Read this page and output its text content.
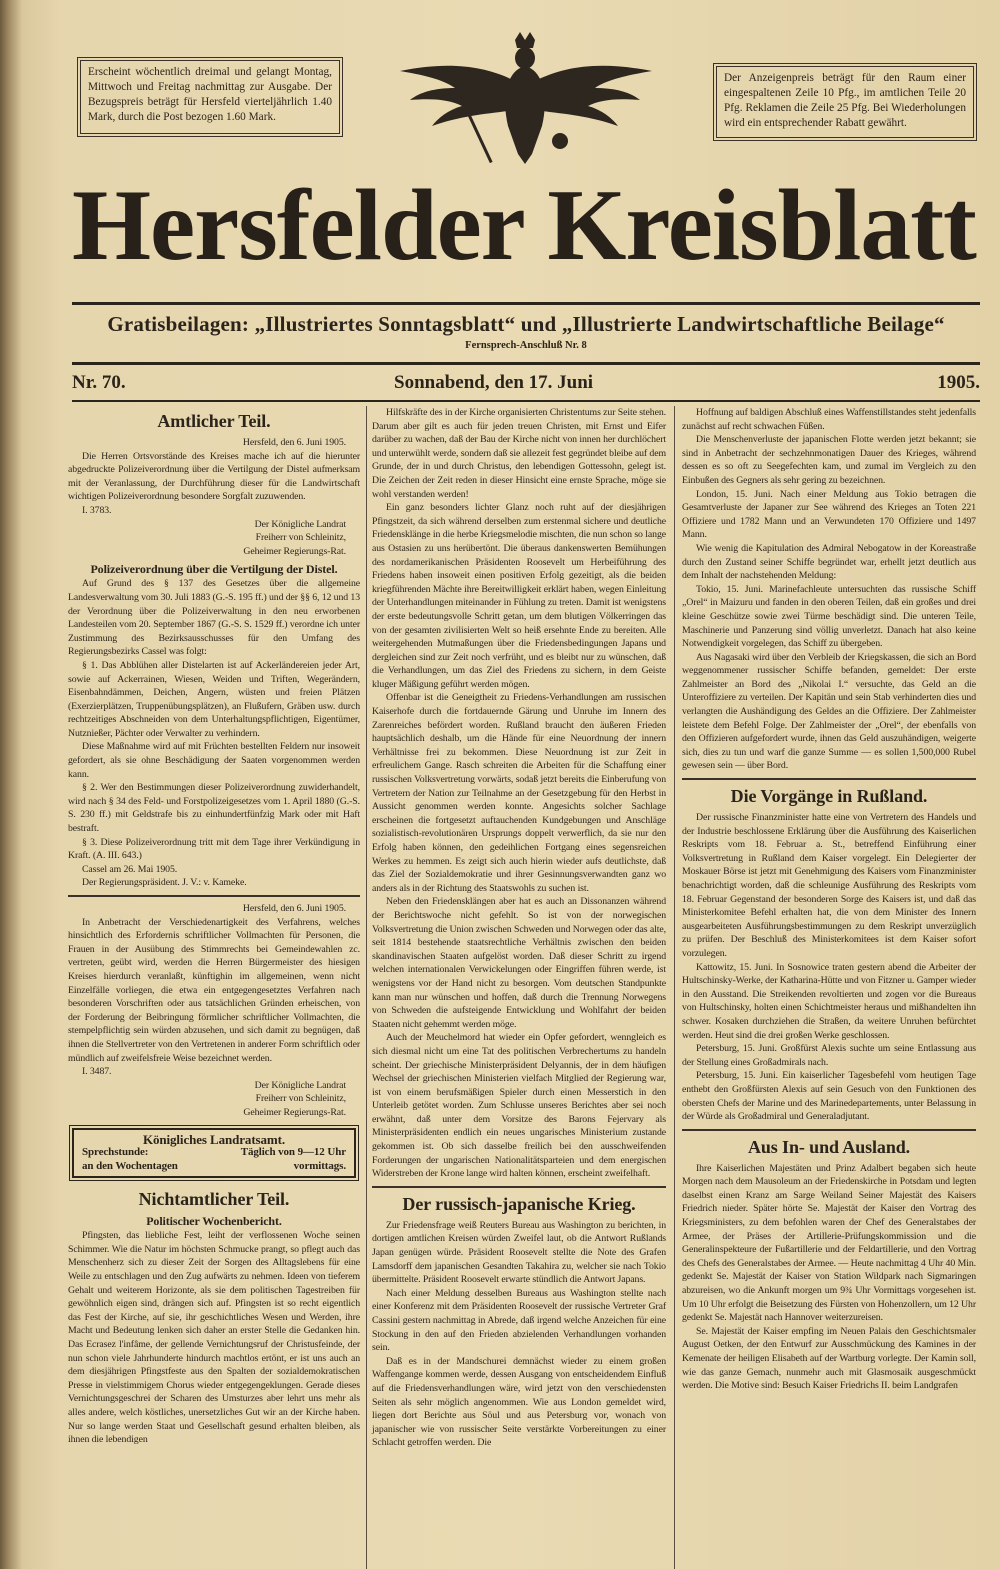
Erscheint wöchentlich dreimal und gelangt Montag, Mittwoch und Freitag nachmittag zur Ausgabe. Der Bezugspreis beträgt für Hersfeld vierteljährlich 1.40 Mark, durch die Post bezogen 1.60 Mark.
Der Anzeigenpreis beträgt für den Raum einer eingespaltenen Zeile 10 Pfg., im amtlichen Teile 20 Pfg. Reklamen die Zeile 25 Pfg. Bei Wiederholungen wird ein entsprechender Rabatt gewährt.
Hersfelder Kreisblatt
Gratisbeilagen: „Illustriertes Sonntagsblatt“ und „Illustrierte Landwirtschaftliche Beilage“
Fernsprech-Anschluß Nr. 8
Nr. 70.	Sonnabend, den 17. Juni	1905.
Amtlicher Teil.

Hersfeld, den 6. Juni 1905.

Die Herren Ortsvorstände des Kreises mache ich auf die hierunter abgedruckte Polizeiverordnung über die Vertilgung der Distel aufmerksam mit der Veranlassung, der Durchführung dieser für die Landwirtschaft wichtigen Polizeiverordnung besondere Sorgfalt zuzuwenden.

I. 3783.

Der Königliche Landrat

Freiherr von Schleinitz,

Geheimer Regierungs-Rat.

Polizeiverordnung über die Vertilgung der Distel.

Auf Grund des § 137 des Gesetzes über die allgemeine Landesverwaltung vom 30. Juli 1883 (G.-S. 195 ff.) und der §§ 6, 12 und 13 der Verordnung über die Polizeiverwaltung in den neu erworbenen Landesteilen vom 20. September 1867 (G.-S. S. 1529 ff.) verordne ich unter Zustimmung des Bezirksausschusses für den Umfang des Regierungsbezirks Cassel was folgt:

§ 1. Das Abblühen aller Distelarten ist auf Ackerländereien jeder Art, sowie auf Ackerrainen, Wiesen, Weiden und Triften, Wegerändern, Eisenbahndämmen, Deichen, Angern, wüsten und freien Plätzen (Exerzierplätzen, Truppenübungsplätzen), an Flußufern, Gräben usw. durch rechtzeitiges Abschneiden von dem Unterhaltungspflichtigen, Eigentümer, Nutznießer, Pächter oder Verwalter zu verhindern.

Diese Maßnahme wird auf mit Früchten bestellten Feldern nur insoweit gefordert, als sie ohne Beschädigung der Saaten vorgenommen werden kann.

§ 2. Wer den Bestimmungen dieser Polizeiverordnung zuwiderhandelt, wird nach § 34 des Feld- und Forstpolizeigesetzes vom 1. April 1880 (G.-S. S. 230 ff.) mit Geldstrafe bis zu einhundertfünfzig Mark oder mit Haft bestraft.

§ 3. Diese Polizeiverordnung tritt mit dem Tage ihrer Verkündigung in Kraft. (A. III. 643.)

Cassel am 26. Mai 1905.

Der Regierungspräsident. J. V.: v. Kameke.

Hersfeld, den 6. Juni 1905.

In Anbetracht der Verschiedenartigkeit des Verfahrens, welches hinsichtlich des Erfordernis schriftlicher Vollmachten für Personen, die Frauen in der Ausübung des Stimmrechts bei Gemeindewahlen zc. vertreten, geübt wird, werden die Herren Bürgermeister des hiesigen Kreises hierdurch veranlaßt, künftighin im allgemeinen, wenn nicht Einzelfälle vorliegen, die etwa ein entgegengesetztes Verfahren nach besonderen Vorschriften oder aus tatsächlichen Gründen erheischen, von der Forderung der Beibringung förmlicher schriftlicher Vollmachten, die stempelpflichtig sein würden abzusehen, und sich damit zu begnügen, daß ihnen die Stellvertreter von den Vertretenen in anderer Form schriftlich oder mündlich auf zweifelsfreie Weise bezeichnet werden.

I. 3487.

Der Königliche Landrat

Freiherr von Schleinitz,

Geheimer Regierungs-Rat.

Königliches Landratsamt.
Sprechstunde:	Täglich von 9—12 Uhr
an den Wochentagen	vormittags.
Nichtamtlicher Teil.
Politischer Wochenbericht.

Pfingsten, das liebliche Fest, leiht der verflossenen Woche seinen Schimmer. Wie die Natur im höchsten Schmucke prangt, so pflegt auch das Menschenherz sich zu dieser Zeit der Sorgen des Alltagslebens für eine Weile zu entschlagen und den Zug aufwärts zu nehmen. Ideen von tieferem Gehalt und weiterem Horizonte, als sie dem politischen Tagestreiben für gewöhnlich eigen sind, drängen sich auf. Pfingsten ist so recht eigentlich das Fest der Kirche, auf sie, ihr geschichtliches Wesen und Werden, ihre Macht und Bedeutung lenken sich daher an erster Stelle die Gedanken hin. Das Ecrasez l'infâme, der gellende Vernichtungsruf der Christusfeinde, der nun schon viele Jahrhunderte hindurch machtlos ertönt, er ist uns auch an dem diesjährigen Pfingstfeste aus den Spalten der sozialdemokratischen Presse in vielstimmigem Chorus wieder entgegengeklungen. Gerade dieses Vernichtungsgeschrei der Scharen des Umsturzes aber lehrt uns mehr als alles andere, welch köstliches, unersetzliches Gut wir an der Kirche haben. Nur so lange werden Staat und Gesellschaft gesund erhalten bleiben, als ihnen die lebendigen

Hilfskräfte des in der Kirche organisierten Christentums zur Seite stehen. Darum aber gilt es auch für jeden treuen Christen, mit Ernst und Eifer darüber zu wachen, daß der Bau der Kirche nicht von innen her durchlöchert und unterwühlt werde, sondern daß sie allezeit fest gegründet bleibe auf dem Grunde, der in und durch Christus, den lebendigen Gottessohn, gelegt ist. Die Zeichen der Zeit reden in dieser Hinsicht eine ernste Sprache, möge sie wohl verstanden werden!

Ein ganz besonders lichter Glanz noch ruht auf der diesjährigen Pfingstzeit, da sich während derselben zum erstenmal sichere und deutliche Friedensklänge in die herbe Kriegsmelodie mischten, die nun schon so lange aus Ostasien zu uns herübertönt. Die überaus dankenswerten Bemühungen des nordamerikanischen Präsidenten Roosevelt um Herbeiführung des Friedens haben insoweit einen positiven Erfolg gezeitigt, als die beiden kriegführenden Mächte ihre Bereitwilligkeit erklärt haben, wegen Einleitung der Unterhandlungen miteinander in Fühlung zu treten. Damit ist wenigstens der erste bedeutungsvolle Schritt getan, um dem blutigen Völkerringen das von der gesamten zivilisierten Welt so heiß ersehnte Ende zu bereiten. Alle weitergehenden Mutmaßungen über die Friedensbedingungen Japans und dergleichen sind zur Zeit noch verfrüht, und es bleibt nur zu wünschen, daß die Verhandlungen, um das Ziel des Friedens zu sichern, in dem Geiste kluger Mäßigung geführt werden mögen.

Offenbar ist die Geneigtheit zu Friedens-Verhandlungen am russischen Kaiserhofe durch die fortdauernde Gärung und Unruhe im Innern des Zarenreiches befördert worden. Rußland braucht den äußeren Frieden hauptsächlich deshalb, um die Hände für eine Neuordnung der innern Verhältnisse frei zu bekommen. Diese Neuordnung ist zur Zeit in erfreulichem Gange. Rasch schreiten die Arbeiten für die Schaffung einer russischen Volksvertretung vorwärts, sodaß jetzt bereits die Einberufung von Vertretern der Nation zur Teilnahme an der Gesetzgebung für den Herbst in Aussicht genommen werden konnte. Angesichts solcher Sachlage erscheinen die fortgesetzt auftauchenden Kundgebungen und Anschläge sozialistisch-revolutionären Ursprungs doppelt verwerflich, da sie nur den Erfolg haben können, den gedeihlichen Fortgang eines segensreichen Werkes zu hemmen. Es zeigt sich auch hierin wieder aufs deutlichste, daß das Ziel der Sozialdemokratie und ihrer Gesinnungsverwandten ganz wo anders als in der Richtung des Staatswohls zu suchen ist.

Neben den Friedensklängen aber hat es auch an Dissonanzen während der Berichtswoche nicht gefehlt. So ist von der norwegischen Volksvertretung die Union zwischen Schweden und Norwegen oder das alte, seit 1814 bestehende staatsrechtliche Verhältnis zwischen den beiden skandinavischen Staaten aufgelöst worden. Daß dieser Schritt zu irgend welchen internationalen Verwickelungen oder Eingriffen führen werde, ist wenigstens vor der Hand nicht zu besorgen. Vom deutschen Standpunkte kann man nur wünschen und hoffen, daß durch die Trennung Norwegens von Schweden die aufsteigende Entwicklung und Wohlfahrt der beiden Staaten nicht gehemmt werden möge.

Auch der Meuchelmord hat wieder ein Opfer gefordert, wenngleich es sich diesmal nicht um eine Tat des politischen Verbrechertums zu handeln scheint. Der griechische Ministerpräsident Delyannis, der in dem häufigen Wechsel der griechischen Ministerien vielfach Mitglied der Regierung war, ist von einem berufsmäßigen Spieler durch einen Messerstich in den Unterleib getötet worden. Zum Schlusse unseres Berichtes aber sei noch erwähnt, daß unter dem Vorsitze des Barons Fejervary als Ministerpräsidenten endlich ein neues ungarisches Ministerium zustande gekommen ist. Ob sich dasselbe freilich bei den ausschweifenden Forderungen der ungarischen Nationalitätsparteien und dem energischen Widerstreben der Krone lange wird halten können, erscheint zweifelhaft.

Der russisch-japanische Krieg.

Zur Friedensfrage weiß Reuters Bureau aus Washington zu berichten, in dortigen amtlichen Kreisen würden Zweifel laut, ob die Antwort Rußlands Japan genügen würde. Präsident Roosevelt stellte die Note des Grafen Lamsdorff dem japanischen Gesandten Takahira zu, welcher sie nach Tokio übermittelte. Präsident Roosevelt erwarte stündlich die Antwort Japans.

Nach einer Meldung desselben Bureaus aus Washington stellte nach einer Konferenz mit dem Präsidenten Roosevelt der russische Vertreter Graf Cassini gestern nachmittag in Abrede, daß irgend welche Anzeichen für eine Stockung in den auf den Frieden abzielenden Verhandlungen vorhanden sein.

Daß es in der Mandschurei demnächst wieder zu einem großen Waffengange kommen werde, dessen Ausgang von entscheidendem Einfluß auf die Friedensverhandlungen wäre, wird jetzt von den verschiedensten Seiten als sehr möglich angenommen. Wie aus London gemeldet wird, liegen dort Berichte aus Söul und aus Petersburg vor, wonach von japanischer wie von russischer Seite verstärkte Vorbereitungen zu einer Schlacht getroffen werden. Die

Hoffnung auf baldigen Abschluß eines Waffenstillstandes steht jedenfalls zunächst auf recht schwachen Füßen.

Die Menschenverluste der japanischen Flotte werden jetzt bekannt; sie sind in Anbetracht der sechzehnmonatigen Dauer des Krieges, während dessen es so oft zu Seegefechten kam, und zumal im Vergleich zu den Einbußen des Gegners als sehr gering zu bezeichnen.

London, 15. Juni. Nach einer Meldung aus Tokio betragen die Gesamtverluste der Japaner zur See während des Krieges an Toten 221 Offiziere und 1782 Mann und an Verwundeten 170 Offiziere und 1497 Mann.

Wie wenig die Kapitulation des Admiral Nebogatow in der Koreastraße durch den Zustand seiner Schiffe begründet war, erhellt jetzt deutlich aus dem Inhalt der nachstehenden Meldung:

Tokio, 15. Juni. Marinefachleute untersuchten das russische Schiff „Orel“ in Maizuru und fanden in den oberen Teilen, daß ein großes und drei kleine Geschütze sowie zwei Türme beschädigt sind. Die unteren Teile, Maschinerie und Panzerung sind völlig unverletzt. Danach hat also keine Notwendigkeit vorgelegen, das Schiff zu übergeben.

Aus Nagasaki wird über den Verbleib der Kriegskassen, die sich an Bord weggenommener russischer Schiffe befanden, gemeldet: Der erste Zahlmeister an Bord des „Nikolai I.“ versuchte, das Geld an die Unteroffiziere zu verteilen. Der Kapitän und sein Stab verhinderten dies und verlangten die Aushändigung des Geldes an die Offiziere. Der Zahlmeister leistete dem Befehl Folge. Der Zahlmeister der „Orel“, der ebenfalls von den Offizieren aufgefordert wurde, ihnen das Geld auszuhändigen, weigerte sich, dies zu tun und warf die ganze Summe — es sollen 1,500,000 Rubel gewesen sein — über Bord.

Die Vorgänge in Rußland.

Der russische Finanzminister hatte eine von Vertretern des Handels und der Industrie beschlossene Erklärung über die Ausführung des Kaiserlichen Reskripts vom 18. Februar a. St., betreffend Einführung einer Volksvertretung in Rußland dem Kaiser vorgelegt. Ein Delegierter der Moskauer Börse ist jetzt mit Genehmigung des Kaisers vom Finanzminister benachrichtigt worden, daß die schleunige Ausführung des Reskripts vom 18. Februar Gegenstand der besonderen Sorge des Kaisers ist, und daß das Ministerkomitee Befehl erhalten hat, die von dem Minister des Innern ausgearbeiteten Ausführungsbestimmungen zu dem Reskript unverzüglich zu prüfen. Der Beschluß des Ministerkomitees ist dem Kaiser sofort vorzulegen.

Kattowitz, 15. Juni. In Sosnowice traten gestern abend die Arbeiter der Hultschinsky-Werke, der Katharina-Hütte und von Fitzner u. Gamper wieder in den Ausstand. Die Streikenden revoltierten und zogen vor die Bureaus von Hultschinsky, holten einen Schichtmeister heraus und mißhandelten ihn schwer. Kosaken durchziehen die Straßen, da weitere Unruhen befürchtet werden. Heut sind die drei großen Werke geschlossen.

Petersburg, 15. Juni. Großfürst Alexis suchte um seine Entlassung aus der Stellung eines Großadmirals nach.

Petersburg, 15. Juni. Ein kaiserlicher Tagesbefehl vom heutigen Tage enthebt den Großfürsten Alexis auf sein Gesuch von den Funktionen des obersten Chefs der Marine und des Marinedepartements, unter Belassung in der Würde als Großadmiral und Generaladjutant.

Aus In- und Ausland.

Ihre Kaiserlichen Majestäten und Prinz Adalbert begaben sich heute Morgen nach dem Mausoleum an der Friedenskirche in Potsdam und legten daselbst einen Kranz am Sarge Weiland Seiner Majestät des Kaisers Friedrich nieder. Später hörte Se. Majestät der Kaiser den Vortrag des Kriegsministers, zu dem befohlen waren der Chef des Generalstabes der Armee, der Präses der Artillerie-Prüfungskommission und die Generalinspekteure der Fußartillerie und der Feldartillerie, und den Vortrag des Chefs des Generalstabes der Armee. — Heute nachmittag 4 Uhr 40 Min. gedenkt Se. Majestät der Kaiser von Station Wildpark nach Sigmaringen abzureisen, wo die Ankunft morgen um 9¾ Uhr Vormittags vorgesehen ist. Um 10 Uhr erfolgt die Beisetzung des Fürsten von Hohenzollern, um 12 Uhr gedenkt Se. Majestät nach Hannover weiterzureisen.

Se. Majestät der Kaiser empfing im Neuen Palais den Geschichtsmaler August Oetken, der den Entwurf zur Ausschmückung des Kamines in der Kemenate der heiligen Elisabeth auf der Wartburg vorlegte. Der Kamin soll, wie das ganze Gemach, nunmehr auch mit Glasmosaik ausgeschmückt werden. Die Motive sind: Besuch Kaiser Friedrichs II. beim Landgrafen
